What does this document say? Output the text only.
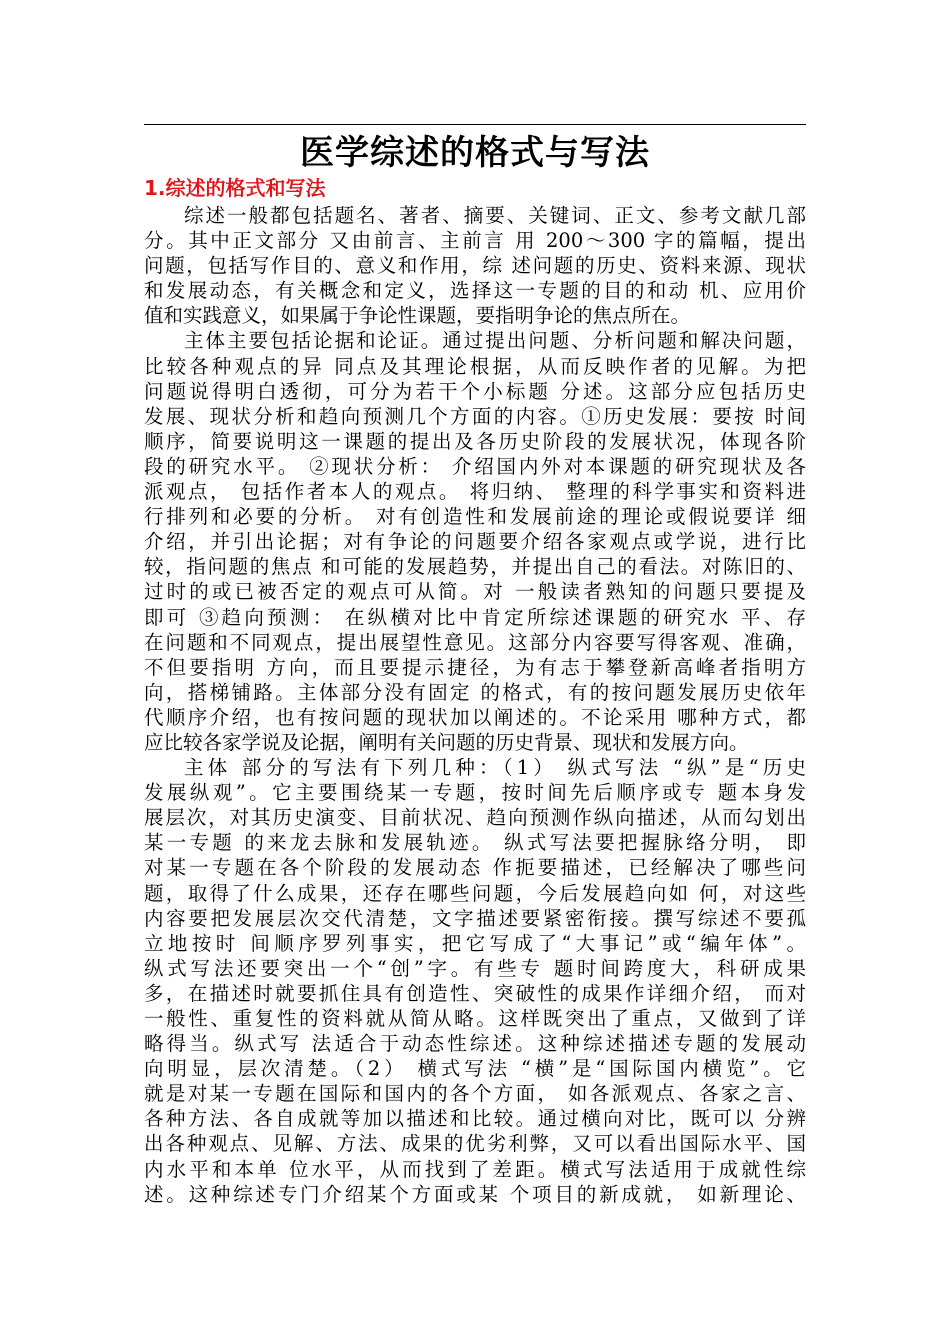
医学综述的格式与写法
1.综述的格式和写法
综述一般都包括题名、著者、摘要、关键词、正文、参考文献几部
分。其中正文部分 又由前言、主前言 用 200～300 字的篇幅，提出
问题，包括写作目的、意义和作用，综 述问题的历史、资料来源、现状
和发展动态，有关概念和定义，选择这一专题的目的和动 机、应用价
值和实践意义，如果属于争论性课题，要指明争论的焦点所在。
主体主要包括论据和论证。通过提出问题、分析问题和解决问题，
比较各种观点的异 同点及其理论根据，从而反映作者的见解。为把
问题说得明白透彻，可分为若干个小标题 分述。这部分应包括历史
发展、现状分析和趋向预测几个方面的内容。①历史发展：要按 时间
顺序，简要说明这一课题的提出及各历史阶段的发展状况，体现各阶
段的研究水平。 ②现状分析： 介绍国内外对本课题的研究现状及各
派观点， 包括作者本人的观点。 将归纳、 整理的科学事实和资料进
行排列和必要的分析。 对有创造性和发展前途的理论或假说要详 细
介绍，并引出论据；对有争论的问题要介绍各家观点或学说，进行比
较，指问题的焦点 和可能的发展趋势，并提出自己的看法。对陈旧的、
过时的或已被否定的观点可从简。对 一般读者熟知的问题只要提及
即可 ③趋向预测： 在纵横对比中肯定所综述课题的研究水 平、存
在问题和不同观点，提出展望性意见。这部分内容要写得客观、准确，
不但要指明 方向，而且要提示捷径，为有志于攀登新高峰者指明方
向，搭梯铺路。主体部分没有固定 的格式，有的按问题发展历史依年
代顺序介绍，也有按问题的现状加以阐述的。不论采用 哪种方式，都
应比较各家学说及论据，阐明有关问题的历史背景、现状和发展方向。
主体 部分的写法有下列几种：（1） 纵式写法 “纵”是“历史
发展纵观”。它主要围绕某一专题，按时间先后顺序或专 题本身发
展层次，对其历史演变、目前状况、趋向预测作纵向描述，从而勾划出
某一专题 的来龙去脉和发展轨迹。 纵式写法要把握脉络分明， 即
对某一专题在各个阶段的发展动态 作扼要描述，已经解决了哪些问
题，取得了什么成果，还存在哪些问题，今后发展趋向如 何，对这些
内容要把发展层次交代清楚，文字描述要紧密衔接。撰写综述不要孤
立地按时 间顺序罗列事实，把它写成了“大事记”或“编年体”。
纵式写法还要突出一个“创”字。有些专 题时间跨度大，科研成果
多，在描述时就要抓住具有创造性、突破性的成果作详细介绍， 而对
一般性、重复性的资料就从简从略。这样既突出了重点，又做到了详
略得当。纵式写 法适合于动态性综述。这种综述描述专题的发展动
向明显，层次清楚。（2） 横式写法 “横”是“国际国内横览”。它
就是对某一专题在国际和国内的各个方面， 如各派观点、各家之言、
各种方法、各自成就等加以描述和比较。通过横向对比，既可以 分辨
出各种观点、见解、方法、成果的优劣利弊，又可以看出国际水平、国
内水平和本单 位水平，从而找到了差距。横式写法适用于成就性综
述。这种综述专门介绍某个方面或某 个项目的新成就， 如新理论、
